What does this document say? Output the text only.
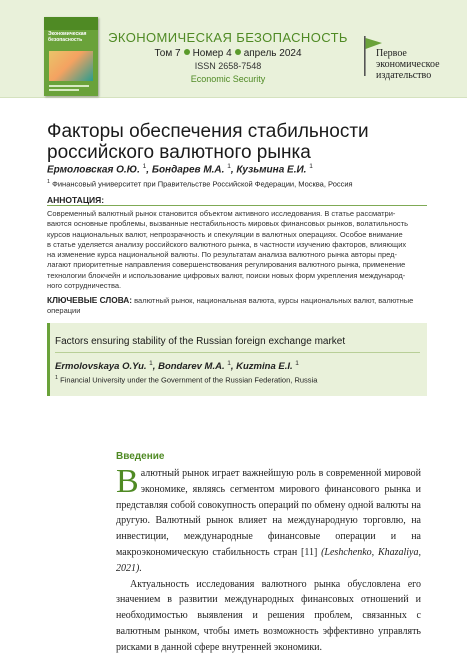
Экономическая безопасность	ЭКОНОМИЧЕСКАЯ БЕЗОПАСНОСТЬ
Том 7 Номер 4 апрель 2024
ISSN 2658-7548
Economic Security
Первое
экономическое
издательство
Факторы обеспечения стабильности
российского валютного рынка
Ермоловская О.Ю. $^1$, Бондарев М.А. $^1$, Кузьмина Е.И. $^1$
$^1$ Финансовый университет при Правительстве Российской Федерации, Москва, Россия
АННОТАЦИЯ:
Современный валютный рынок становится объектом активного исследования. В статье рассматри-
ваются основные проблемы, вызванные нестабильность мировых финансовых рынков, волатильность
курсов национальных валют, непрозрачность и спекуляции в валютных операциях. Особое внимание
в статье уделяется анализу российского валютного рынка, в частности изучению факторов, влияющих
на изменение курса национальной валюты. По результатам анализа валютного рынка авторы пред-
лагают приоритетные направления совершенствования регулирования валютного рынка, применение
технологии блокчейн и использование цифровых валют, поиски новых форм укрепления международ-
ного сотрудничества.
КЛЮЧЕВЫЕ СЛОВА: валютный рынок, национальная валюта, курсы национальных валют, валютные
операции
Factors ensuring stability of the Russian foreign exchange market
Ermolovskaya O.Yu. $^1$, Bondarev M.A. $^1$, Kuzmina E.I. $^1$
$^1$ Financial University under the Government of the Russian Federation, Russia
Введение

Валютный рынок играет важнейшую роль в современной мировой экономике, являясь сегментом мирового финансового рынка и представляя собой совокупность операций по обмену одной валюты на другую. Валютный рынок влияет на международную торговлю, на инвестиции, международные финансовые операции и на макроэкономическую стабильность стран [11] (Leshchenko, Khazaliya, 2021).

Актуальность исследования валютного рынка обусловлена его значением в развитии международных финансовых отношений и необходимостью выявления и решения проблем, связанных с валютным рынком, чтобы иметь возможность эффективно управлять рисками в данной сфере внутренней экономики.
